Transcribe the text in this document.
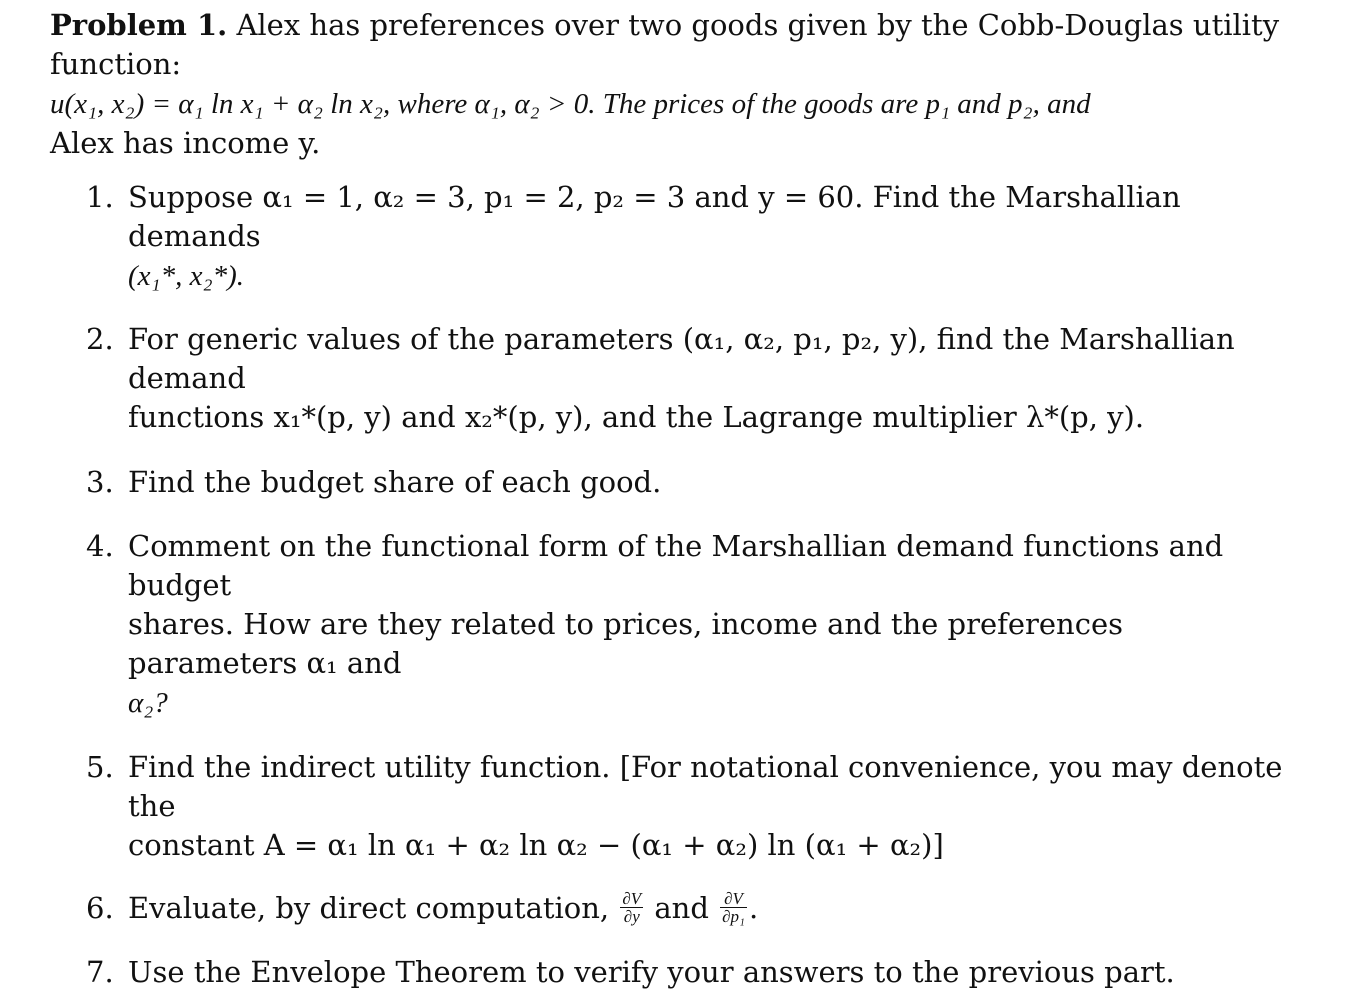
Problem 1. Alex has preferences over two goods given by the Cobb-Douglas utility function:
u(x₁, x₂) = α₁ ln x₁ + α₂ ln x₂, where α₁, α₂ > 0. The prices of the goods are p₁ and p₂, and
Alex has income y.

1. Suppose α₁ = 1, α₂ = 3, p₁ = 2, p₂ = 3 and y = 60. Find the Marshallian demands
(x₁*, x₂*).
2. For generic values of the parameters (α₁, α₂, p₁, p₂, y), find the Marshallian demand
functions x₁*(p, y) and x₂*(p, y), and the Lagrange multiplier λ*(p, y).
3. Find the budget share of each good.
4. Comment on the functional form of the Marshallian demand functions and budget
shares. How are they related to prices, income and the preferences parameters α₁ and
α₂?
5. Find the indirect utility function. [For notational convenience, you may denote the
constant A = α₁ ln α₁ + α₂ ln α₂ − (α₁ + α₂) ln (α₁ + α₂)]
6. Evaluate, by direct computation, $\frac{\partial V}{\partial y}$ and $\frac{\partial V}{\text{∂p₁}}$ .
7. Use the Envelope Theorem to verify your answers to the previous part.
